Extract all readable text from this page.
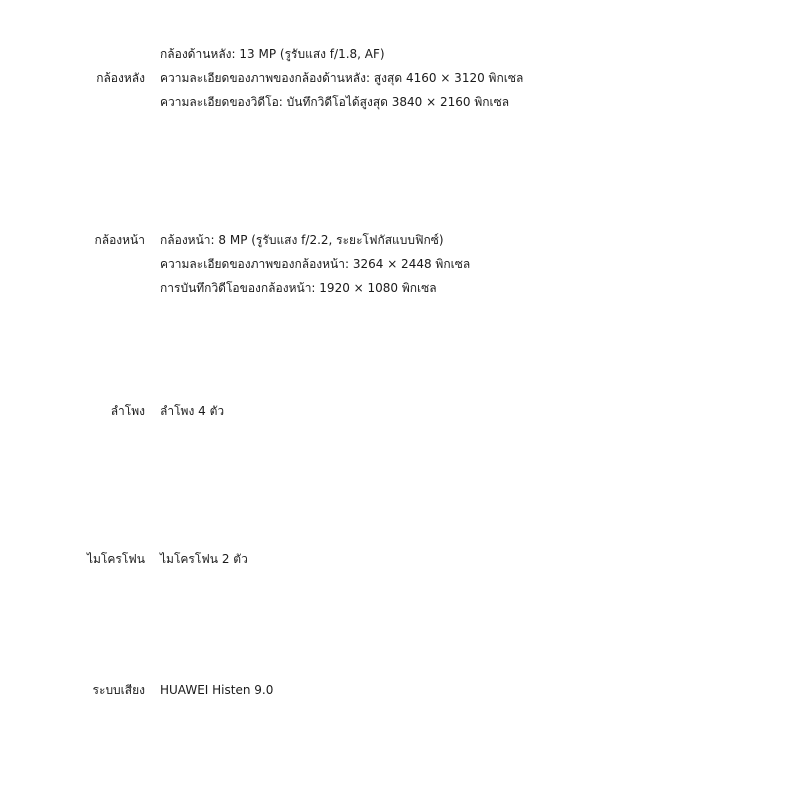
กล้องหลัง
กล้องด้านหลัง: 13 MP (รูรับแสง f/1.8, AF)
ความละเอียดของภาพของกล้องด้านหลัง: สูงสุด 4160 × 3120 พิกเซล
ความละเอียดของวิดีโอ: บันทึกวิดีโอได้สูงสุด 3840 × 2160 พิกเซล
กล้องหน้า กล้องหน้า: 8 MP (รูรับแสง f/2.2, ระยะโฟกัสแบบฟิกซ์)
ความละเอียดของภาพของกล้องหน้า: 3264 × 2448 พิกเซล
การบันทึกวิดีโอของกล้องหน้า: 1920 × 1080 พิกเซล
ลำโพง ลำโพง 4 ตัว
ไมโครโฟน ไมโครโฟน 2 ตัว
ระบบเสียง HUAWEI Histen 9.0
